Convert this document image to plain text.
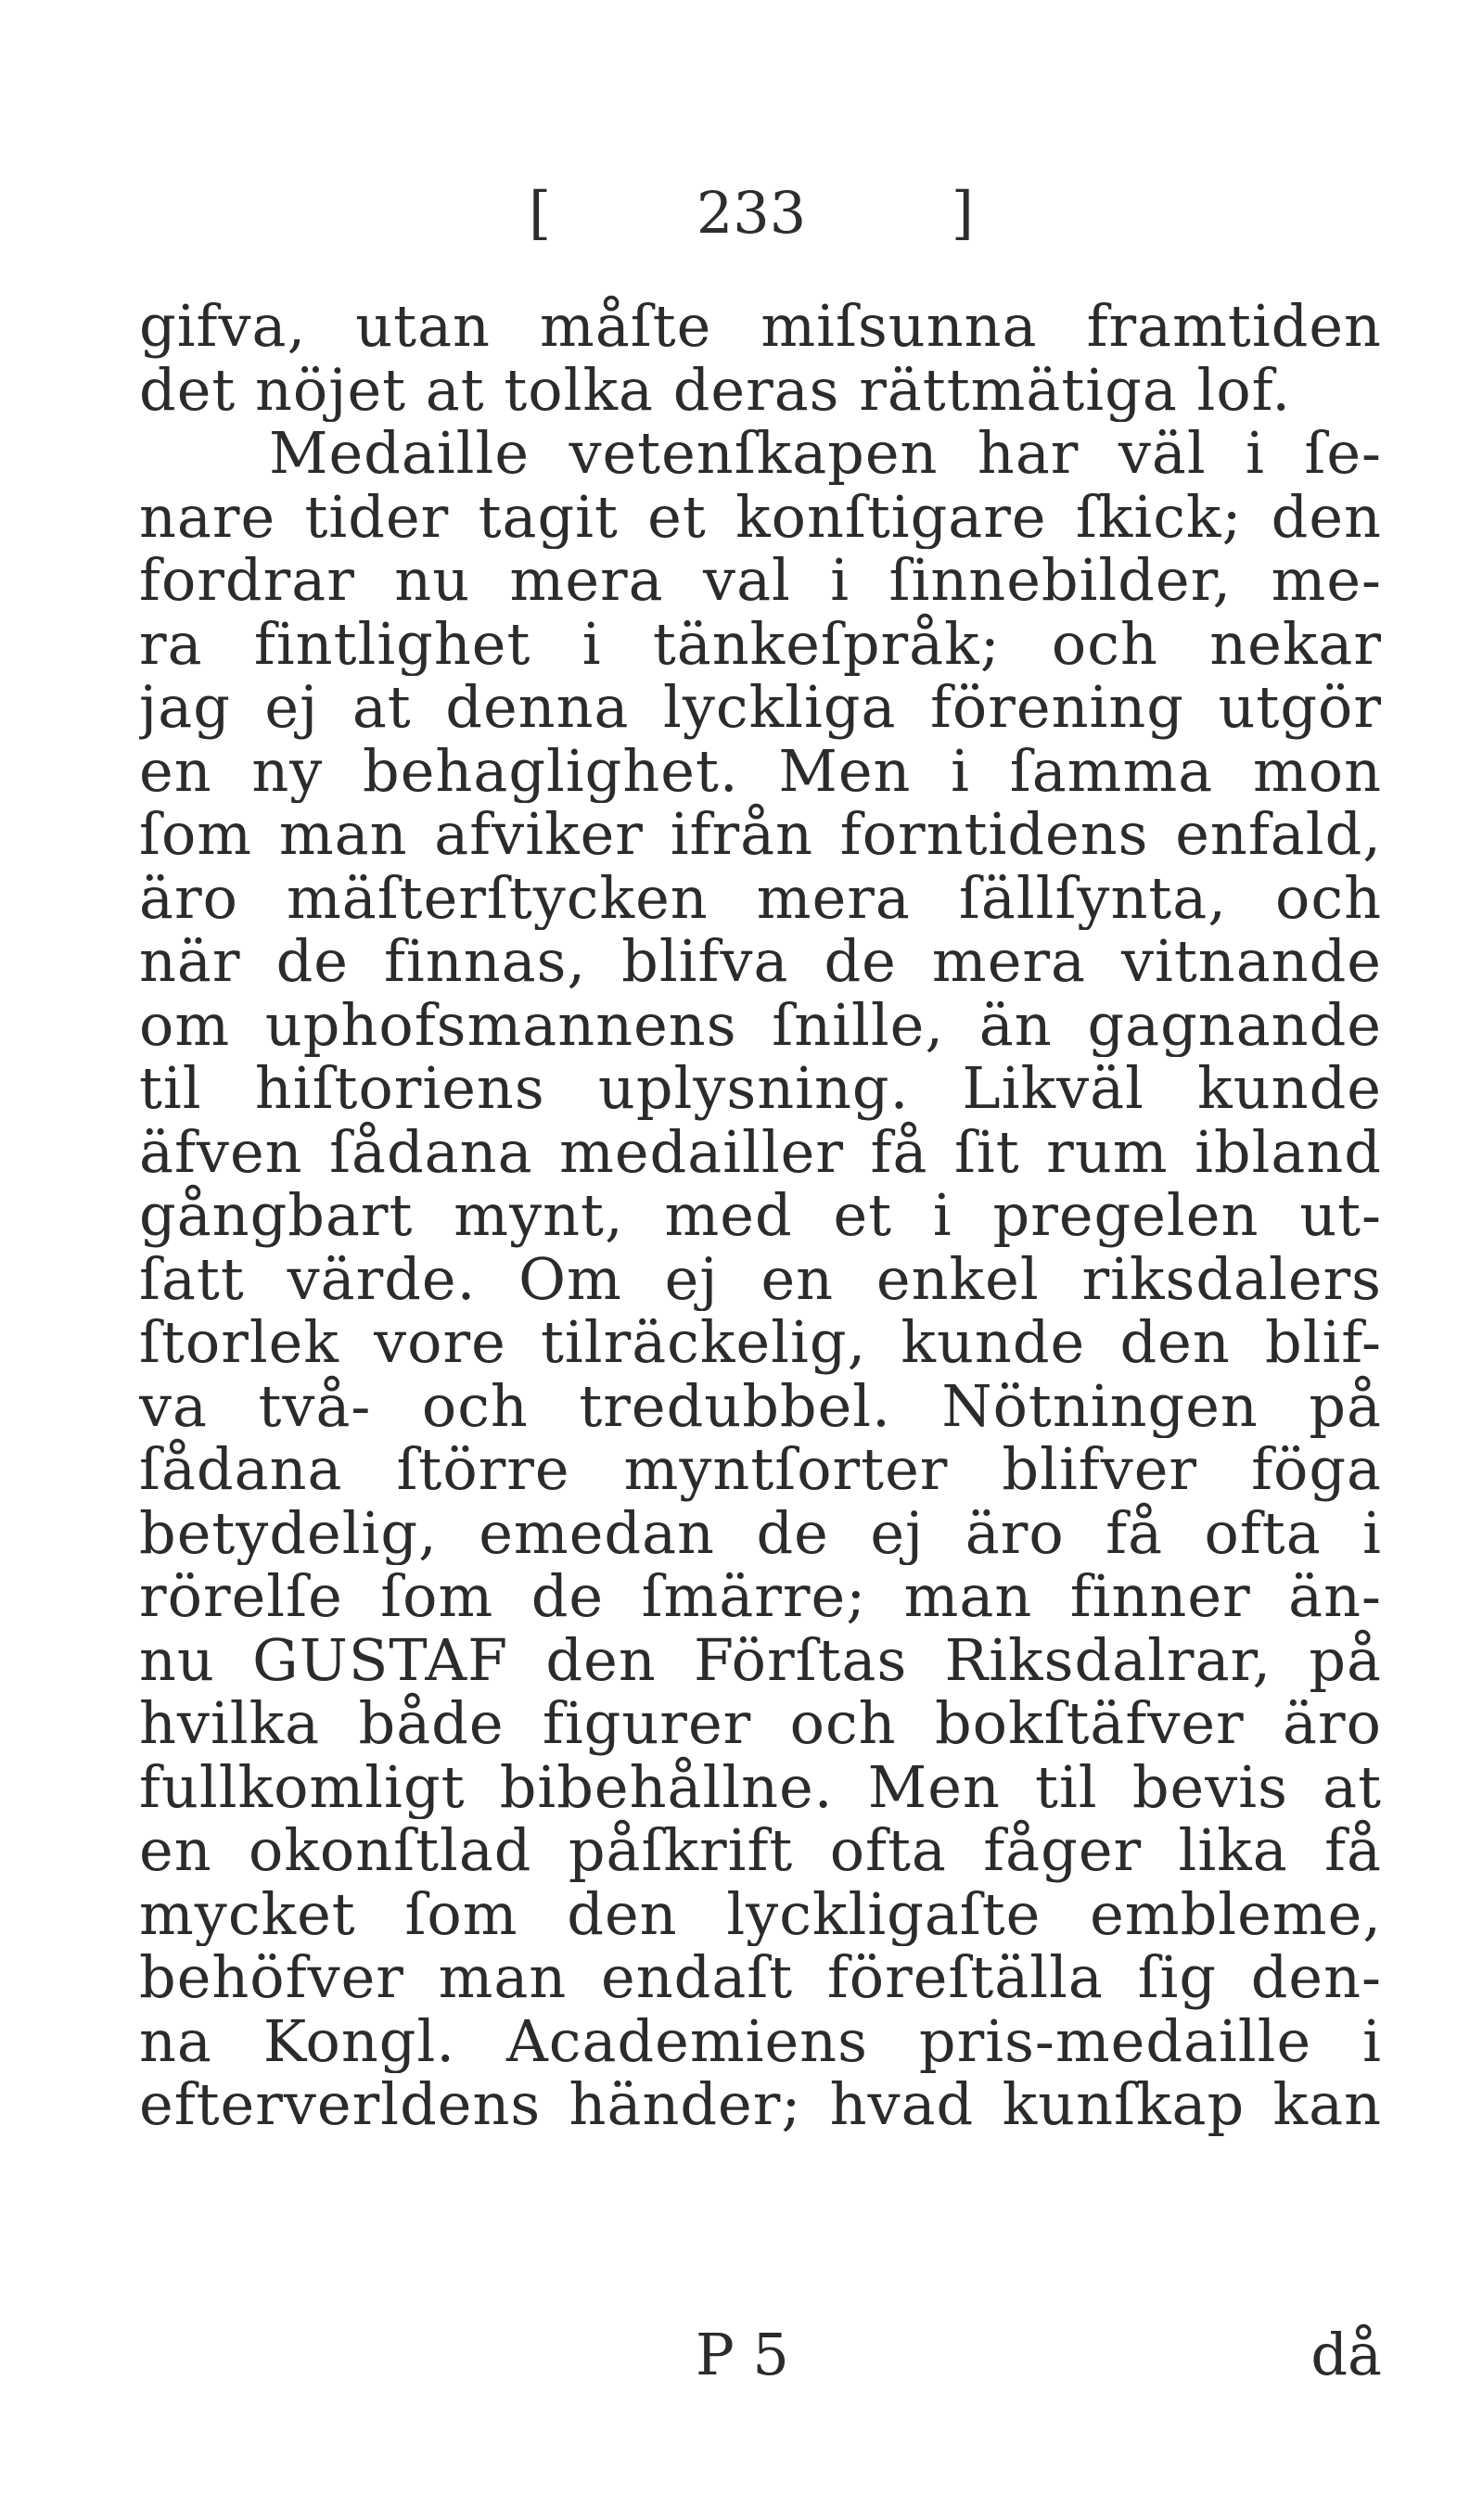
[	233	]
gifva, utan måſte miſsunna framtiden
det nöjet at tolka deras rättmätiga lof.
Medaille vetenſkapen har väl i ſe-
nare tider tagit et konſtigare ſkick; den
fordrar nu mera val i ſinnebilder, me-
ra fintlighet i tänkeſpråk; och nekar
jag ej at denna lyckliga förening utgör
en ny behaglighet. Men i ſamma mon
ſom man afviker ifrån forntidens enfald,
äro mäſterſtycken mera ſällſynta, och
när de finnas, blifva de mera vitnande
om uphofsmannens ſnille, än gagnande
til hiſtoriens uplysning. Likväl kunde
äfven ſådana medailler få ſit rum ibland
gångbart mynt, med et i pregelen ut-
ſatt värde. Om ej en enkel riksdalers
ſtorlek vore tilräckelig, kunde den blif-
va två- och tredubbel. Nötningen på
ſådana ſtörre myntſorter blifver föga
betydelig, emedan de ej äro få ofta i
rörelſe ſom de ſmärre; man finner än-
nu GUSTAF den Förſtas Riksdalrar, på
hvilka både figurer och bokſtäfver äro
fullkomligt bibehållne. Men til bevis at
en okonſtlad påſkrift ofta fåger lika få
mycket ſom den lyckligaſte embleme,
behöfver man endaſt föreſtälla ſig den-
na Kongl. Academiens pris-medaille i
efterverldens händer; hvad kunſkap kan
P 5	då
